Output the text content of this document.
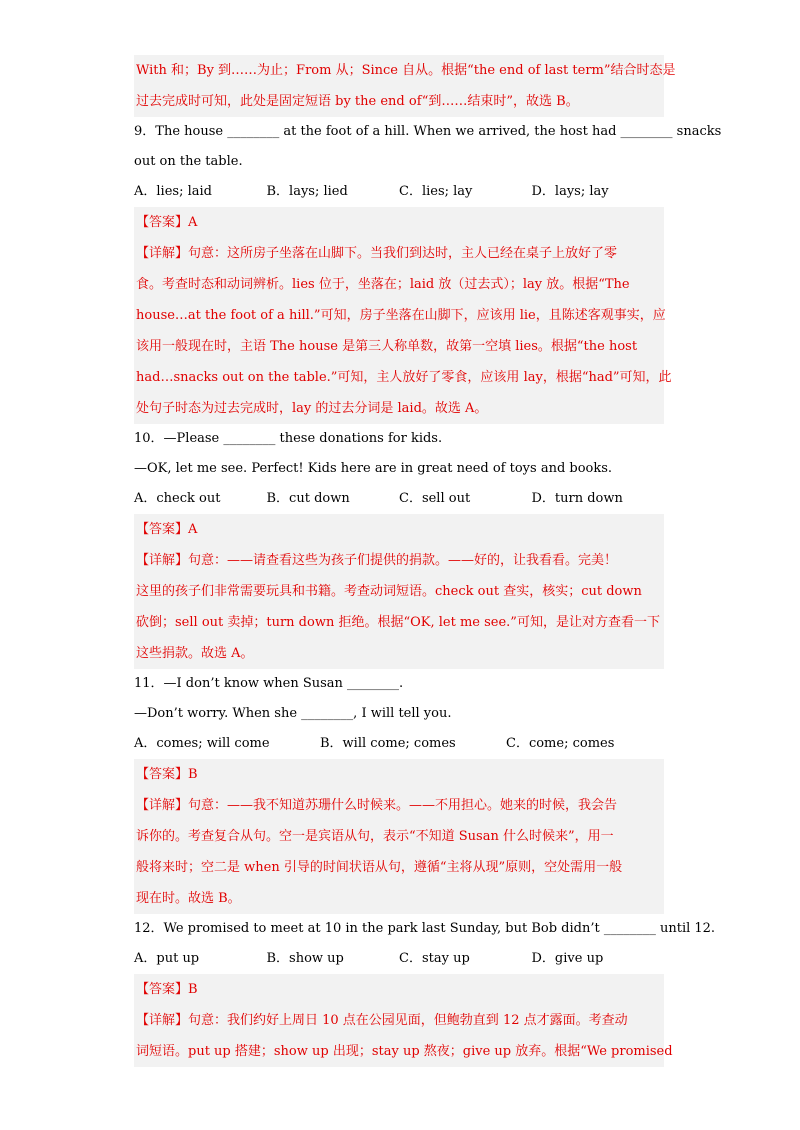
With 和；By 到……为止；From 从；Since 自从。根据“the end of last term”结合时态是
过去完成时可知，此处是固定短语 by the end of“到……结束时”，故选 B。
9．The house ________ at the foot of a hill. When we arrived, the host had ________ snacks
out on the table.
A．lies; laid	B．lays; lied	C．lies; lay	D．lays; lay
【答案】A
【详解】句意：这所房子坐落在山脚下。当我们到达时，主人已经在桌子上放好了零
食。考查时态和动词辨析。lies 位于，坐落在；laid 放（过去式）；lay 放。根据“The
house…at the foot of a hill.”可知，房子坐落在山脚下，应该用 lie，且陈述客观事实，应
该用一般现在时，主语 The house 是第三人称单数，故第一空填 lies。根据“the host
had…snacks out on the table.”可知，主人放好了零食，应该用 lay，根据“had”可知，此
处句子时态为过去完成时，lay 的过去分词是 laid。故选 A。
10．—Please ________ these donations for kids.
—OK, let me see. Perfect! Kids here are in great need of toys and books.
A．check out	B．cut down	C．sell out	D．turn down
【答案】A
【详解】句意：——请查看这些为孩子们提供的捐款。——好的，让我看看。完美！
这里的孩子们非常需要玩具和书籍。考查动词短语。check out 查实，核实；cut down
砍倒；sell out 卖掉；turn down 拒绝。根据“OK, let me see.”可知，是让对方查看一下
这些捐款。故选 A。
11．—I don’t know when Susan ________.
—Don’t worry. When she ________, I will tell you.
A．comes; will come	B．will come; comes	C．come; comes
【答案】B
【详解】句意：——我不知道苏珊什么时候来。——不用担心。她来的时候，我会告
诉你的。考查复合从句。空一是宾语从句，表示“不知道 Susan 什么时候来”，用一
般将来时；空二是 when 引导的时间状语从句，遵循“主将从现”原则，空处需用一般
现在时。故选 B。
12．We promised to meet at 10 in the park last Sunday, but Bob didn’t ________ until 12.
A．put up	B．show up	C．stay up	D．give up
【答案】B
【详解】句意：我们约好上周日 10 点在公园见面，但鲍勃直到 12 点才露面。考查动
词短语。put up 搭建；show up 出现；stay up 熬夜；give up 放弃。根据“We promised
